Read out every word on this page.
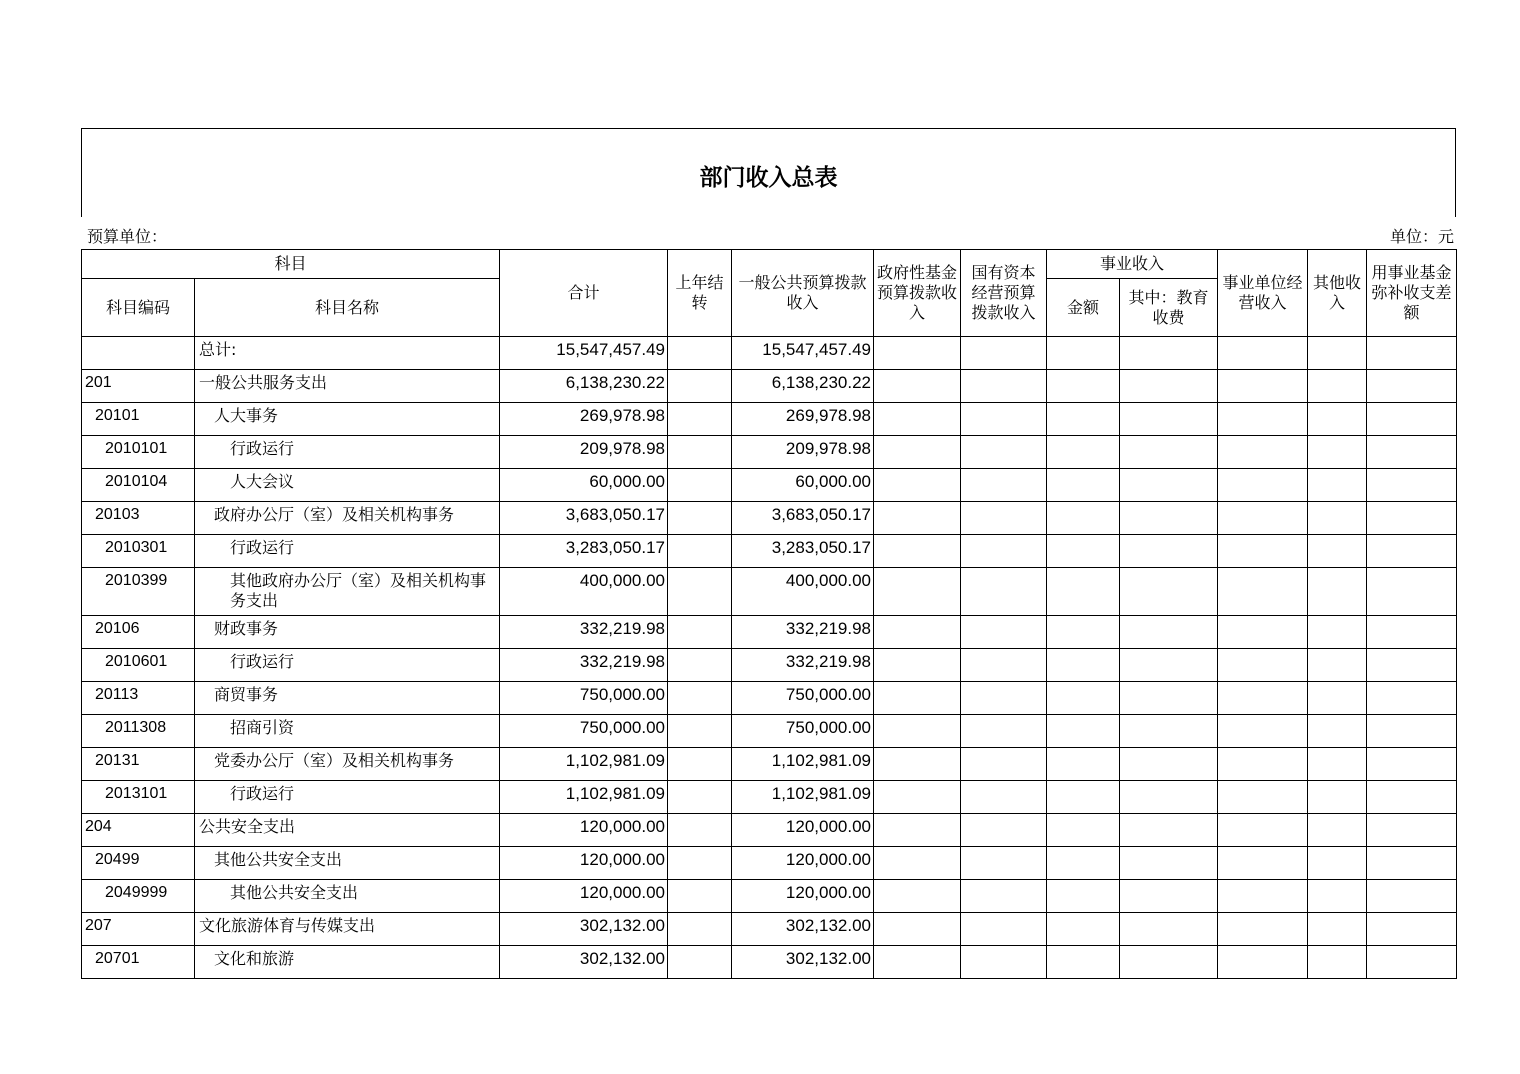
部门收入总表
预算单位：	单位：元
科目		合计	上年结转	一般公共预算拨款收入	政府性基金预算拨款收入	国有资本经营预算拨款收入	事业收入		事业单位经营收入	其他收入	用事业基金弥补收支差额
科目编码	科目名称						金额	其中：教育收费			
	总计:	15,547,457.49		15,547,457.49							
201	一般公共服务支出	6,138,230.22		6,138,230.22							
20101	人大事务	269,978.98		269,978.98							
2010101	行政运行	209,978.98		209,978.98							
2010104	人大会议	60,000.00		60,000.00							
20103	政府办公厅（室）及相关机构事务	3,683,050.17		3,683,050.17							
2010301	行政运行	3,283,050.17		3,283,050.17							
2010399	其他政府办公厅（室）及相关机构事务支出	400,000.00		400,000.00							
20106	财政事务	332,219.98		332,219.98							
2010601	行政运行	332,219.98		332,219.98							
20113	商贸事务	750,000.00		750,000.00							
2011308	招商引资	750,000.00		750,000.00							
20131	党委办公厅（室）及相关机构事务	1,102,981.09		1,102,981.09							
2013101	行政运行	1,102,981.09		1,102,981.09							
204	公共安全支出	120,000.00		120,000.00							
20499	其他公共安全支出	120,000.00		120,000.00							
2049999	其他公共安全支出	120,000.00		120,000.00							
207	文化旅游体育与传媒支出	302,132.00		302,132.00							
20701	文化和旅游	302,132.00		302,132.00							
